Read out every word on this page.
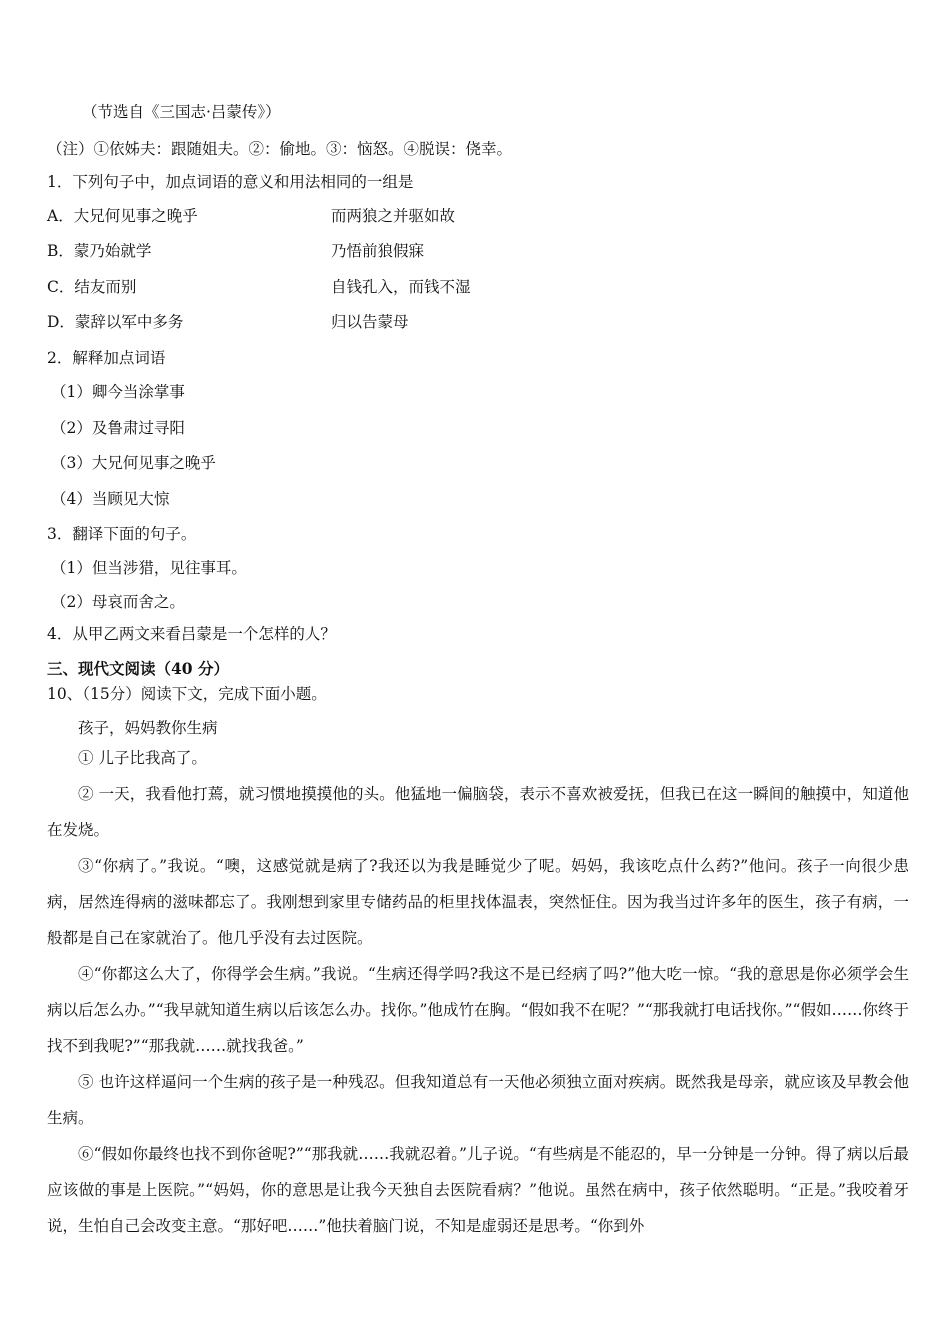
（节选自《三国志·吕蒙传》）
（注）①依姊夫：跟随姐夫。②：偷地。③：恼怒。④脱误：侥幸。
1．下列句子中，加点词语的意义和用法相同的一组是
A．大兄何见事之晚乎	而两狼之并驱如故
B．蒙乃始就学	乃悟前狼假寐
C．结友而别	自钱孔入，而钱不湿
D．蒙辞以军中多务	归以告蒙母
2．解释加点词语
（1）卿今当涂掌事
（2）及鲁肃过寻阳
（3）大兄何见事之晚乎
（4）当顾见大惊
3．翻译下面的句子。
（1）但当涉猎，见往事耳。
（2）母哀而舍之。
4．从甲乙两文来看吕蒙是一个怎样的人？
三、现代文阅读（40 分）
10、（15分）阅读下文，完成下面小题。
孩子，妈妈教你生病
① 儿子比我高了。
② 一天，我看他打蔫，就习惯地摸摸他的头。他猛地一偏脑袋，表示不喜欢被爱抚，但我已在这一瞬间的触摸中，知道他在发烧。
③“你病了。”我说。“噢，这感觉就是病了?我还以为我是睡觉少了呢。妈妈，我该吃点什么药?”他问。孩子一向很少患病，居然连得病的滋味都忘了。我刚想到家里专储药品的柜里找体温表，突然怔住。因为我当过许多年的医生，孩子有病，一般都是自己在家就治了。他几乎没有去过医院。
④“你都这么大了，你得学会生病。”我说。“生病还得学吗?我这不是已经病了吗?”他大吃一惊。“我的意思是你必须学会生病以后怎么办。”“我早就知道生病以后该怎么办。找你。”他成竹在胸。“假如我不在呢？”“那我就打电话找你。”“假如……你终于找不到我呢?”“那我就……就找我爸。”
⑤ 也许这样逼问一个生病的孩子是一种残忍。但我知道总有一天他必须独立面对疾病。既然我是母亲，就应该及早教会他生病。
⑥“假如你最终也找不到你爸呢?”“那我就……我就忍着。”儿子说。“有些病是不能忍的，早一分钟是一分钟。得了病以后最应该做的事是上医院。”“妈妈，你的意思是让我今天独自去医院看病？”他说。虽然在病中，孩子依然聪明。“正是。”我咬着牙说，生怕自己会改变主意。“那好吧……”他扶着脑门说，不知是虚弱还是思考。“你到外
